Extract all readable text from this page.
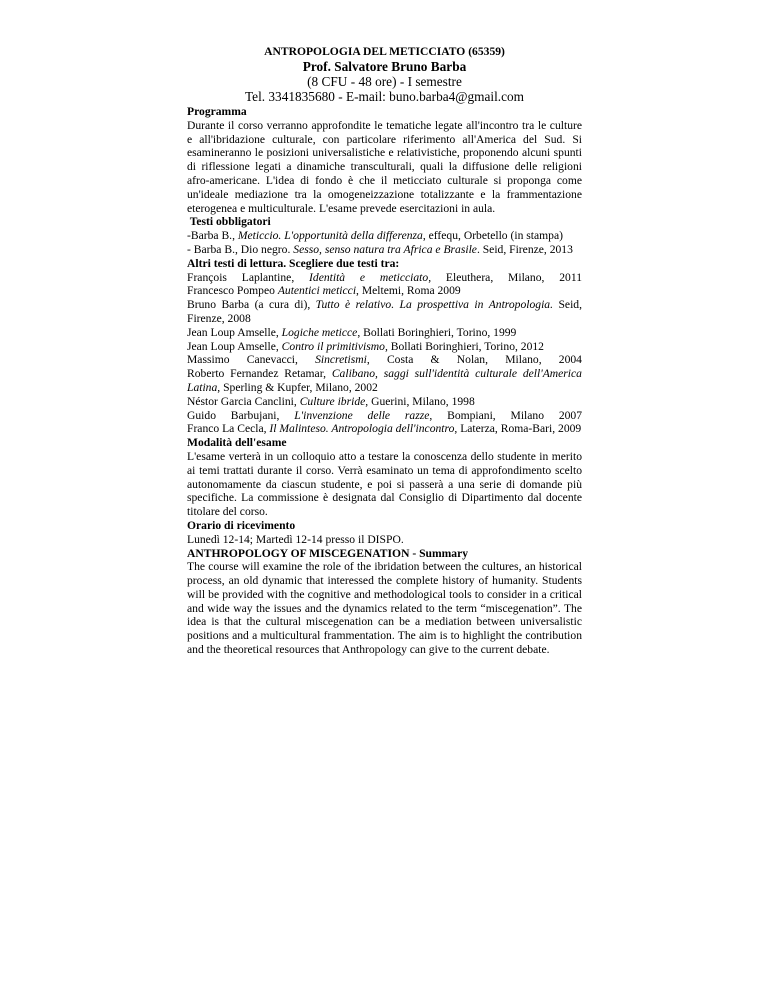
ANTROPOLOGIA DEL METICCIATO (65359)
Prof. Salvatore Bruno Barba
(8 CFU - 48 ore) - I semestre
Tel. 3341835680 - E-mail: buno.barba4@gmail.com
Programma

Durante il corso verranno approfondite le tematiche legate all'incontro tra le culture e all'ibridazione culturale, con particolare riferimento all'America del Sud. Si esamineranno le posizioni universalistiche e relativistiche, proponendo alcuni spunti di riflessione legati a dinamiche transculturali, quali la diffusione delle religioni afro-americane. L'idea di fondo è che il meticciato culturale si proponga come un'ideale mediazione tra la omogeneizzazione totalizzante e la frammentazione eterogenea e multiculturale. L'esame prevede esercitazioni in aula.

Testi obbligatori
-Barba B., Meticcio. L'opportunità della differenza, effequ, Orbetello (in stampa)
- Barba B., Dio negro. Sesso, senso natura tra Africa e Brasile. Seid, Firenze, 2013
Altri testi di lettura. Scegliere due testi tra:
François Laplantine, Identità e meticciato, Eleuthera, Milano, 2011
Francesco Pompeo Autentici meticci, Meltemi, Roma 2009
Bruno Barba (a cura di), Tutto è relativo. La prospettiva in Antropologia. Seid, Firenze, 2008
Jean Loup Amselle, Logiche meticce, Bollati Boringhieri, Torino, 1999
Jean Loup Amselle, Contro il primitivismo, Bollati Boringhieri, Torino, 2012
Massimo Canevacci, Sincretismi, Costa & Nolan, Milano, 2004
Roberto Fernandez Retamar, Calibano, saggi sull'identità culturale dell'America Latina, Sperling & Kupfer, Milano, 2002
Néstor Garcia Canclini, Culture ibride, Guerini, Milano, 1998
Guido Barbujani, L'invenzione delle razze, Bompiani, Milano 2007
Franco La Cecla, Il Malinteso. Antropologia dell'incontro, Laterza, Roma-Bari, 2009
Modalità dell'esame

L'esame verterà in un colloquio atto a testare la conoscenza dello studente in merito ai temi trattati durante il corso. Verrà esaminato un tema di approfondimento scelto autonomamente da ciascun studente, e poi si passerà a una serie di domande più specifiche. La commissione è designata dal Consiglio di Dipartimento dal docente titolare del corso.

Orario di ricevimento
Lunedì 12-14; Martedì 12-14 presso il DISPO.
ANTHROPOLOGY OF MISCEGENATION - Summary

The course will examine the role of the ibridation between the cultures, an historical process, an old dynamic that interessed the complete history of humanity. Students will be provided with the cognitive and methodological tools to consider in a critical and wide way the issues and the dynamics related to the term “miscegenation”. The idea is that the cultural miscegenation can be a mediation between universalistic positions and a multicultural frammentation. The aim is to highlight the contribution and the theoretical resources that Anthropology can give to the current debate.
